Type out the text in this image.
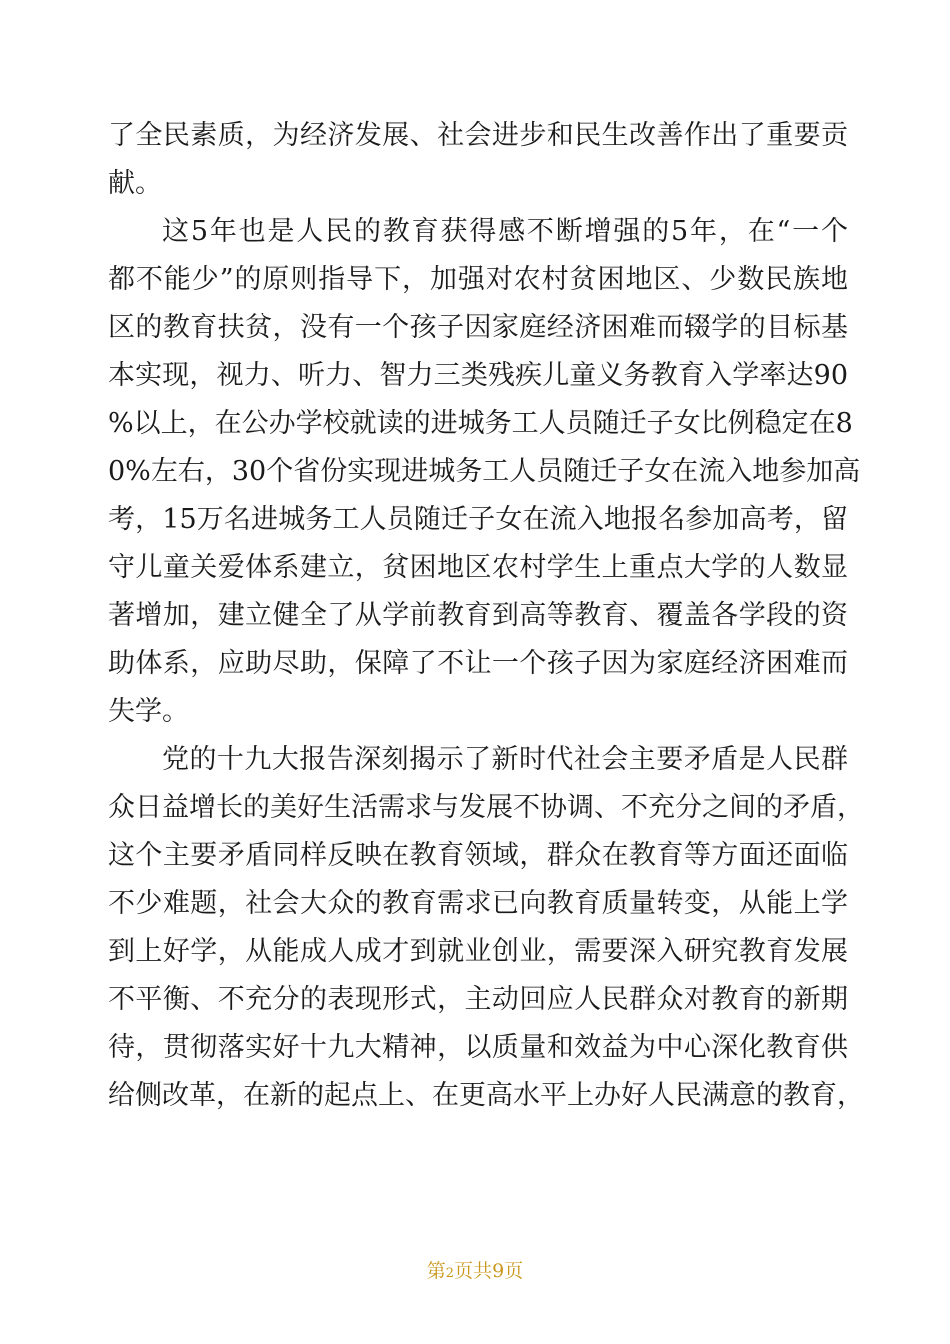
了全民素质，为经济发展、社会进步和民生改善作出了重要贡
献。
这5年也是人民的教育获得感不断增强的5年，在“一个
都不能少”的原则指导下，加强对农村贫困地区、少数民族地
区的教育扶贫，没有一个孩子因家庭经济困难而辍学的目标基
本实现，视力、听力、智力三类残疾儿童义务教育入学率达90
%以上，在公办学校就读的进城务工人员随迁子女比例稳定在8
0%左右，30个省份实现进城务工人员随迁子女在流入地参加高
考，15万名进城务工人员随迁子女在流入地报名参加高考，留
守儿童关爱体系建立，贫困地区农村学生上重点大学的人数显
著增加，建立健全了从学前教育到高等教育、覆盖各学段的资
助体系，应助尽助，保障了不让一个孩子因为家庭经济困难而
失学。
党的十九大报告深刻揭示了新时代社会主要矛盾是人民群
众日益增长的美好生活需求与发展不协调、不充分之间的矛盾，
这个主要矛盾同样反映在教育领域，群众在教育等方面还面临
不少难题，社会大众的教育需求已向教育质量转变，从能上学
到上好学，从能成人成才到就业创业，需要深入研究教育发展
不平衡、不充分的表现形式，主动回应人民群众对教育的新期
待，贯彻落实好十九大精神，以质量和效益为中心深化教育供
给侧改革，在新的起点上、在更高水平上办好人民满意的教育，
第2页共9页
